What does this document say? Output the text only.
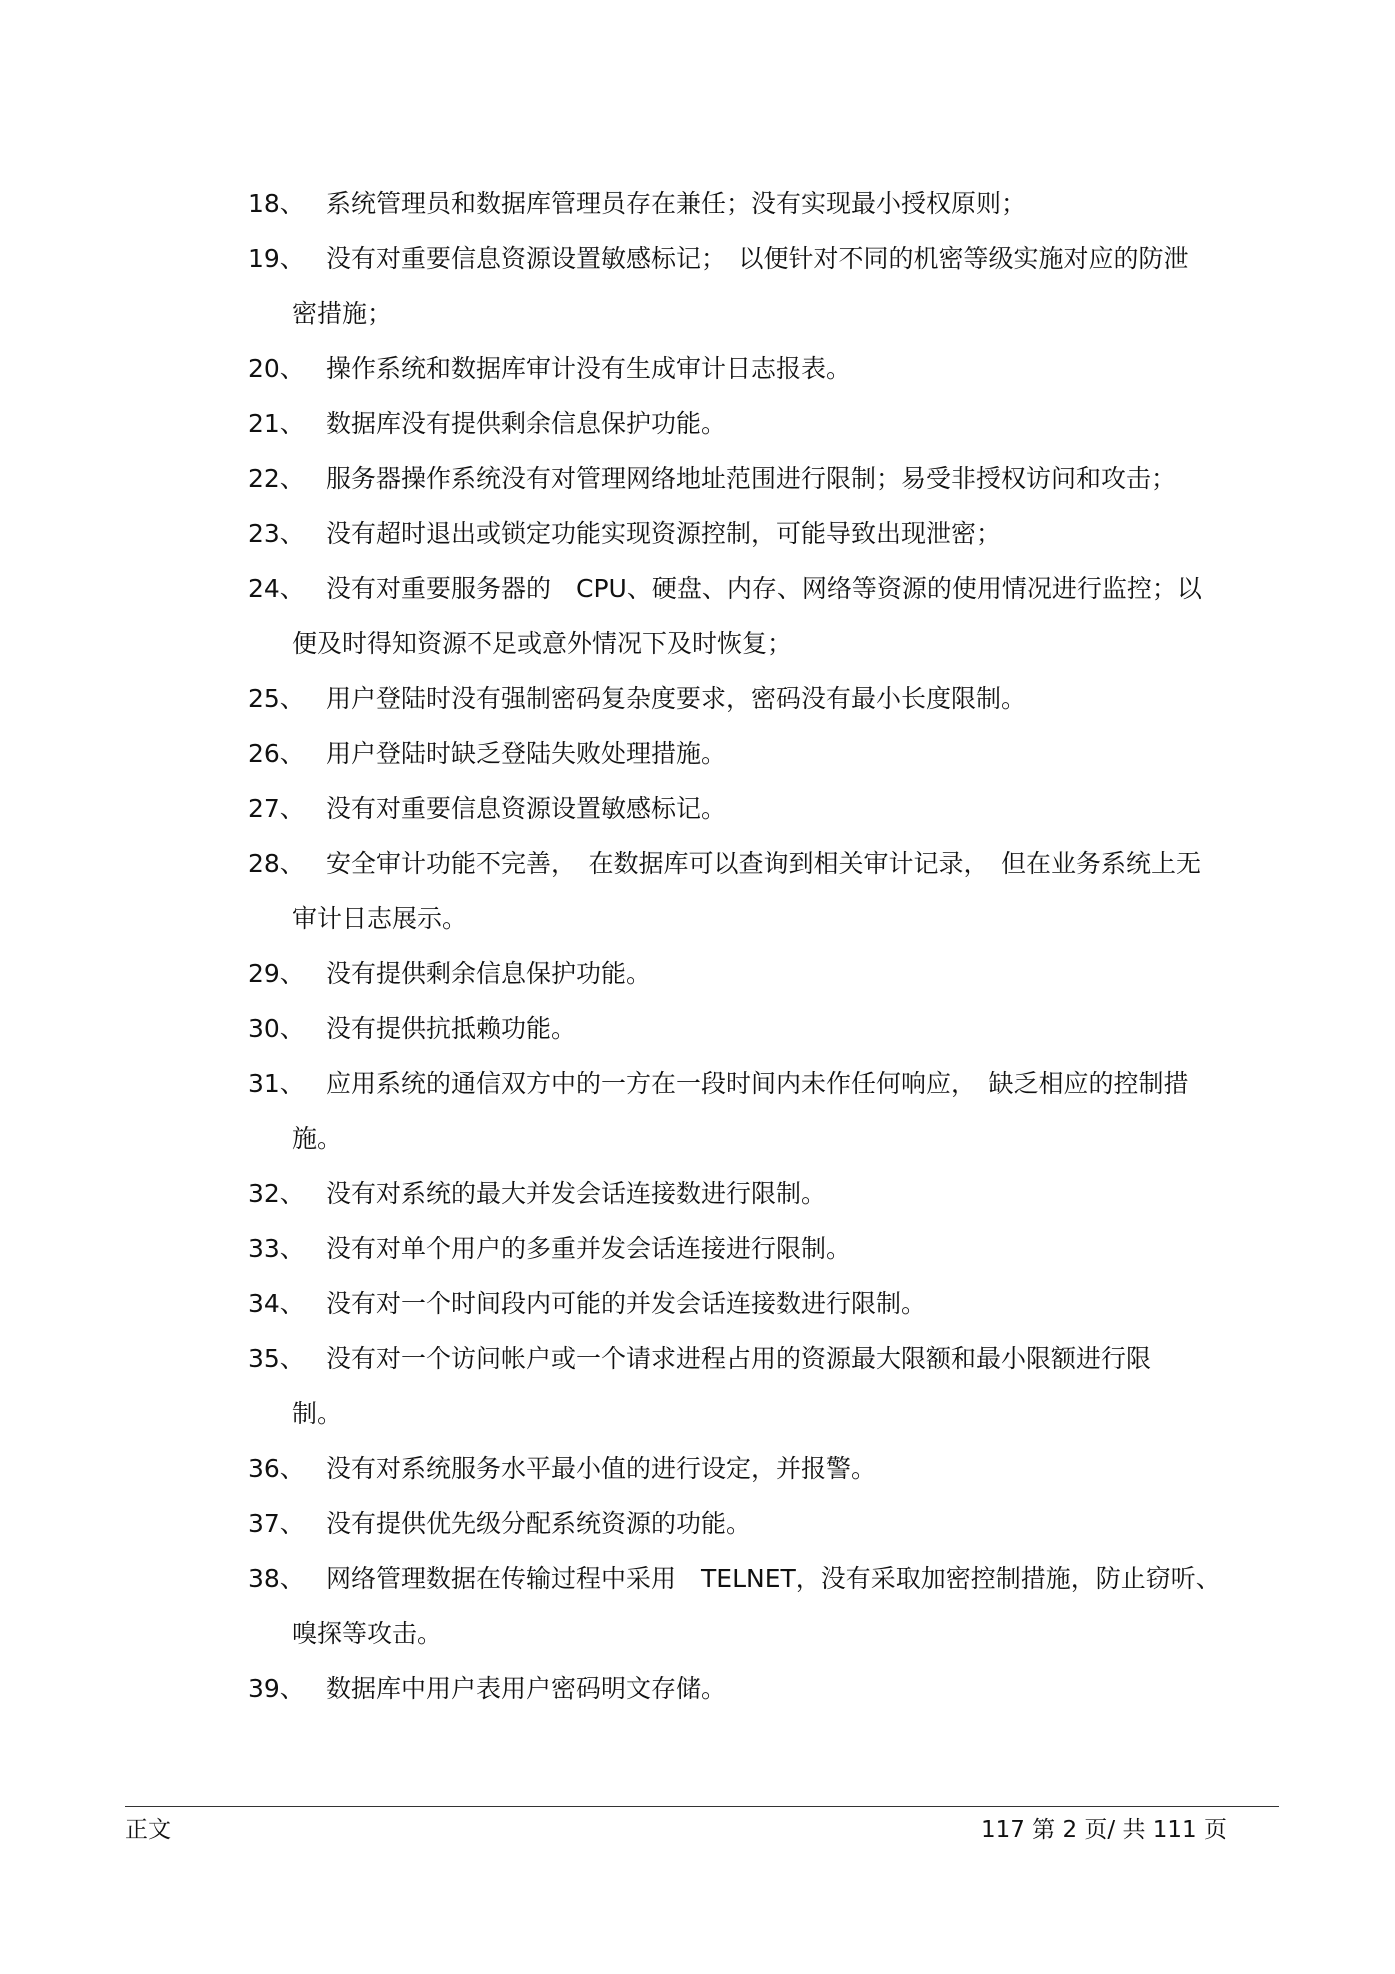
18、 系统管理员和数据库管理员存在兼任；没有实现最小授权原则；
19、 没有对重要信息资源设置敏感标记；　以便针对不同的机密等级实施对应的防泄
密措施；
20、 操作系统和数据库审计没有生成审计日志报表。
21、 数据库没有提供剩余信息保护功能。
22、 服务器操作系统没有对管理网络地址范围进行限制；易受非授权访问和攻击；
23、 没有超时退出或锁定功能实现资源控制，可能导致出现泄密；
24、 没有对重要服务器的　CPU、硬盘、内存、网络等资源的使用情况进行监控；以
便及时得知资源不足或意外情况下及时恢复；
25、 用户登陆时没有强制密码复杂度要求，密码没有最小长度限制。
26、 用户登陆时缺乏登陆失败处理措施。
27、 没有对重要信息资源设置敏感标记。
28、 安全审计功能不完善，　在数据库可以查询到相关审计记录，　但在业务系统上无
审计日志展示。
29、 没有提供剩余信息保护功能。
30、 没有提供抗抵赖功能。
31、 应用系统的通信双方中的一方在一段时间内未作任何响应，　缺乏相应的控制措
施。
32、 没有对系统的最大并发会话连接数进行限制。
33、 没有对单个用户的多重并发会话连接进行限制。
34、 没有对一个时间段内可能的并发会话连接数进行限制。
35、 没有对一个访问帐户或一个请求进程占用的资源最大限额和最小限额进行限
制。
36、 没有对系统服务水平最小值的进行设定，并报警。
37、 没有提供优先级分配系统资源的功能。
38、 网络管理数据在传输过程中采用　TELNET，没有采取加密控制措施，防止窃听、
嗅探等攻击。
39、 数据库中用户表用户密码明文存储。
正文	117 第 2 页/ 共 111 页
